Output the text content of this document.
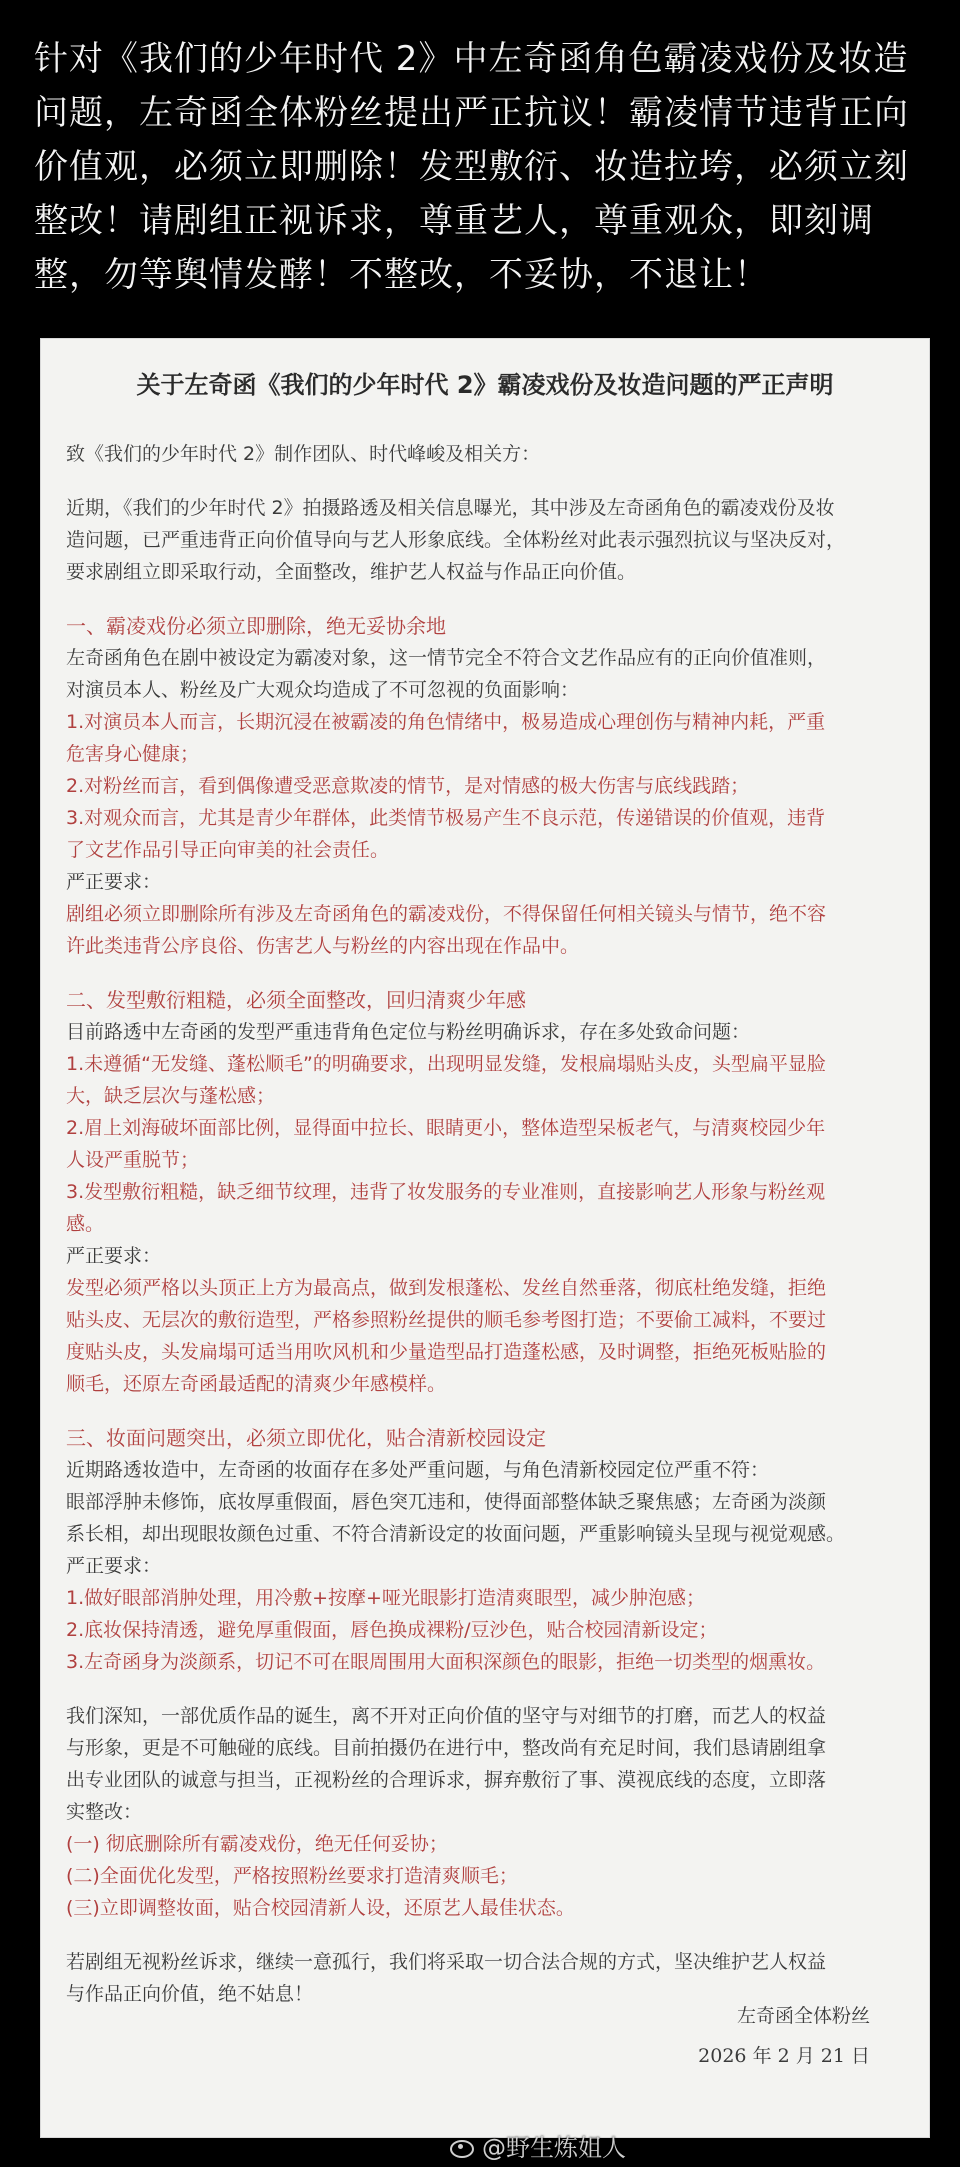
针对《我们的少年时代 2》中左奇函角色霸凌戏份及妆造

问题，左奇函全体粉丝提出严正抗议！霸凌情节违背正向

价值观，必须立即删除！发型敷衍、妆造拉垮，必须立刻

整改！请剧组正视诉求，尊重艺人，尊重观众，即刻调

整，勿等舆情发酵！不整改，不妥协，不退让！

关于左奇函《我们的少年时代 2》霸凌戏份及妆造问题的严正声明

致《我们的少年时代 2》制作团队、时代峰峻及相关方：

近期，《我们的少年时代 2》拍摄路透及相关信息曝光，其中涉及左奇函角色的霸凌戏份及妆

造问题，已严重违背正向价值导向与艺人形象底线。全体粉丝对此表示强烈抗议与坚决反对，

要求剧组立即采取行动，全面整改，维护艺人权益与作品正向价值。

一、霸凌戏份必须立即删除，绝无妥协余地

左奇函角色在剧中被设定为霸凌对象，这一情节完全不符合文艺作品应有的正向价值准则，

对演员本人、粉丝及广大观众均造成了不可忽视的负面影响：

1.对演员本人而言，长期沉浸在被霸凌的角色情绪中，极易造成心理创伤与精神内耗，严重

危害身心健康；

2.对粉丝而言，看到偶像遭受恶意欺凌的情节，是对情感的极大伤害与底线践踏；

3.对观众而言，尤其是青少年群体，此类情节极易产生不良示范，传递错误的价值观，违背

了文艺作品引导正向审美的社会责任。

严正要求：

剧组必须立即删除所有涉及左奇函角色的霸凌戏份，不得保留任何相关镜头与情节，绝不容

许此类违背公序良俗、伤害艺人与粉丝的内容出现在作品中。

二、发型敷衍粗糙，必须全面整改，回归清爽少年感

目前路透中左奇函的发型严重违背角色定位与粉丝明确诉求，存在多处致命问题：

1.未遵循“无发缝、蓬松顺毛”的明确要求，出现明显发缝，发根扁塌贴头皮，头型扁平显脸

大，缺乏层次与蓬松感；

2.眉上刘海破坏面部比例，显得面中拉长、眼睛更小，整体造型呆板老气，与清爽校园少年

人设严重脱节；

3.发型敷衍粗糙，缺乏细节纹理，违背了妆发服务的专业准则，直接影响艺人形象与粉丝观

感。

严正要求：

发型必须严格以头顶正上方为最高点，做到发根蓬松、发丝自然垂落，彻底杜绝发缝，拒绝

贴头皮、无层次的敷衍造型，严格参照粉丝提供的顺毛参考图打造；不要偷工减料，不要过

度贴头皮，头发扁塌可适当用吹风机和少量造型品打造蓬松感，及时调整，拒绝死板贴脸的

顺毛，还原左奇函最适配的清爽少年感模样。

三、妆面问题突出，必须立即优化，贴合清新校园设定

近期路透妆造中，左奇函的妆面存在多处严重问题，与角色清新校园定位严重不符：

眼部浮肿未修饰，底妆厚重假面，唇色突兀违和，使得面部整体缺乏聚焦感；左奇函为淡颜

系长相，却出现眼妆颜色过重、不符合清新设定的妆面问题，严重影响镜头呈现与视觉观感。

严正要求：

1.做好眼部消肿处理，用冷敷+按摩+哑光眼影打造清爽眼型，减少肿泡感；

2.底妆保持清透，避免厚重假面，唇色换成裸粉/豆沙色，贴合校园清新设定；

3.左奇函身为淡颜系，切记不可在眼周围用大面积深颜色的眼影，拒绝一切类型的烟熏妆。

我们深知，一部优质作品的诞生，离不开对正向价值的坚守与对细节的打磨，而艺人的权益

与形象，更是不可触碰的底线。目前拍摄仍在进行中，整改尚有充足时间，我们恳请剧组拿

出专业团队的诚意与担当，正视粉丝的合理诉求，摒弃敷衍了事、漠视底线的态度，立即落

实整改：

(一) 彻底删除所有霸凌戏份，绝无任何妥协；

(二)全面优化发型，严格按照粉丝要求打造清爽顺毛；

(三)立即调整妆面，贴合校园清新人设，还原艺人最佳状态。

若剧组无视粉丝诉求，继续一意孤行，我们将采取一切合法合规的方式，坚决维护艺人权益

与作品正向价值，绝不姑息！

左奇函全体粉丝
2026 年 2 月 21 日
@野生炼姐人
